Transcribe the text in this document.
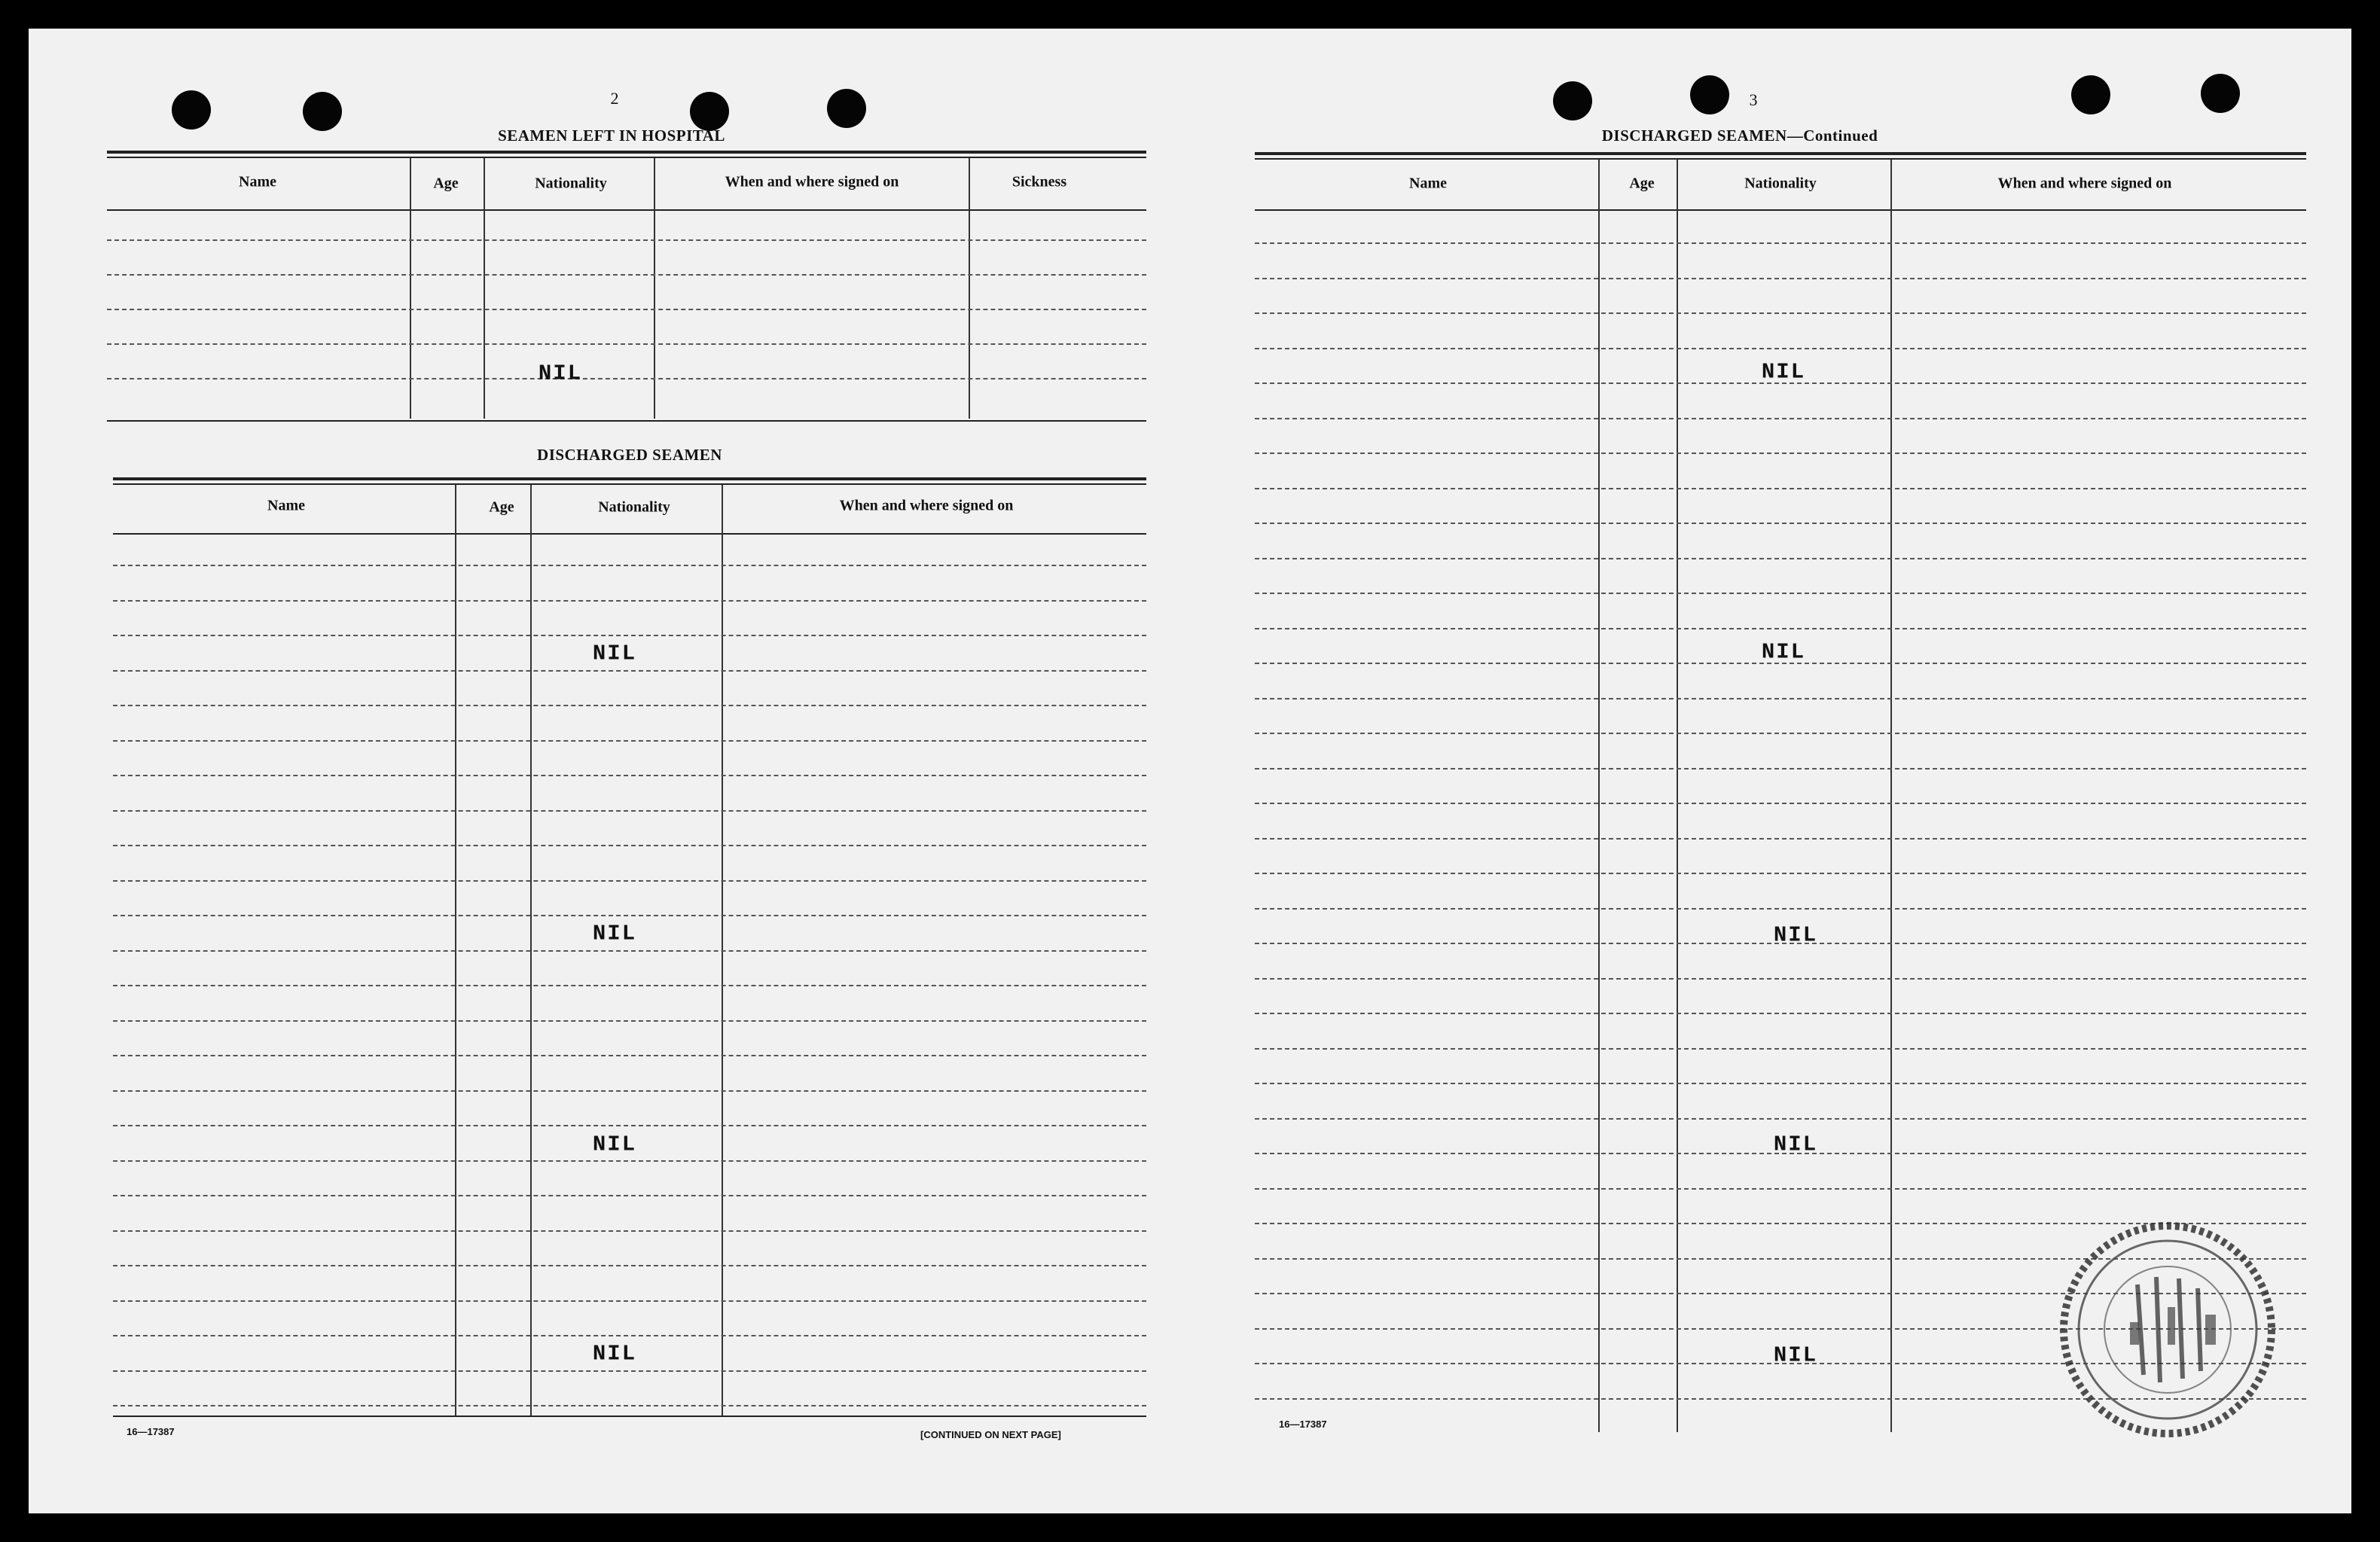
2
SEAMEN LEFT IN HOSPITAL
Name	Age	Nationality	When and where signed on	Sickness
NIL
DISCHARGED SEAMEN
Name	Age	Nationality	When and where signed on
NIL
NIL
NIL
NIL
16—17387	[CONTINUED ON NEXT PAGE]
3
DISCHARGED SEAMEN—Continued
Name	Age	Nationality	When and where signed on
NIL
NIL
NIL
NIL
NIL
16—17387
